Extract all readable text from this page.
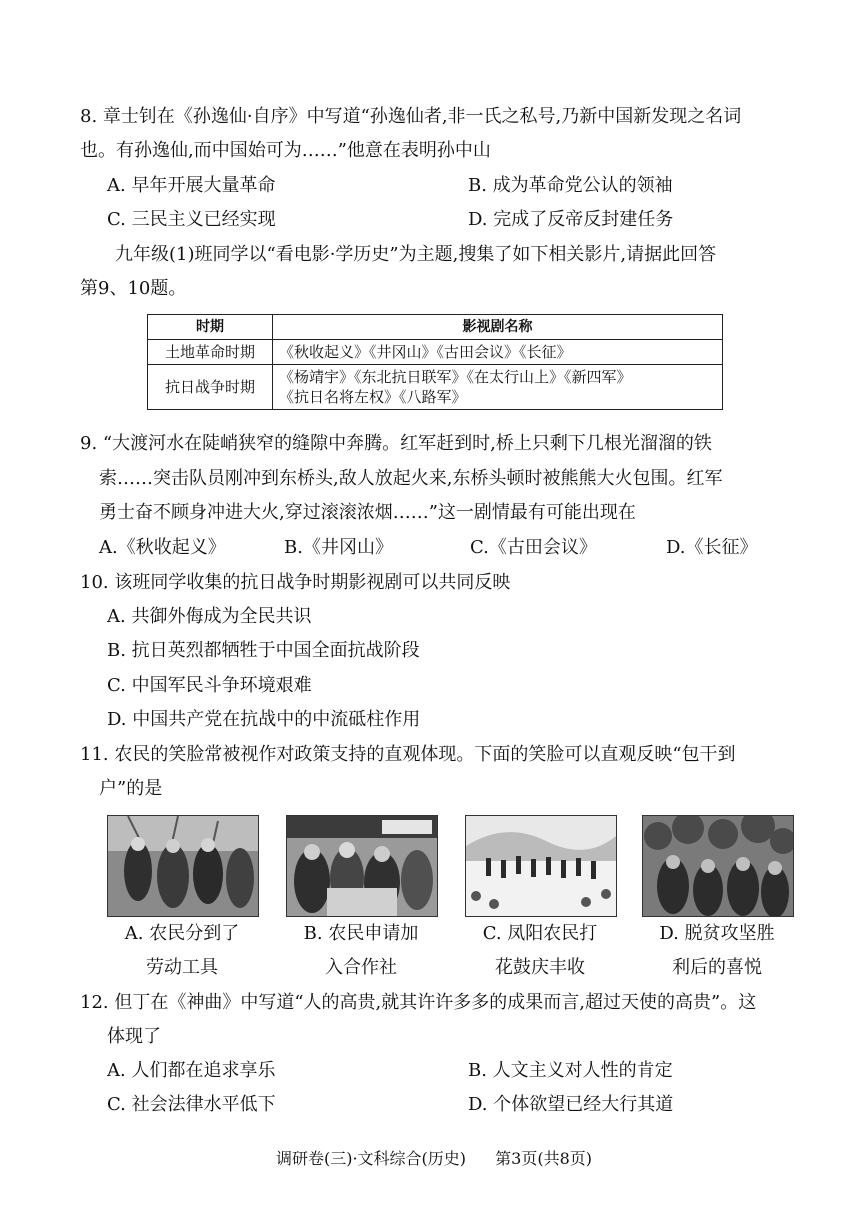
8. 章士钊在《孙逸仙·自序》中写道“孙逸仙者,非一氏之私号,乃新中国新发现之名词
也。有孙逸仙,而中国始可为……”他意在表明孙中山
A. 早年开展大量革命	B. 成为革命党公认的领袖
C. 三民主义已经实现	D. 完成了反帝反封建任务
九年级(1)班同学以“看电影·学历史”为主题,搜集了如下相关影片,请据此回答
第9、10题。
时期	影视剧名称
土地革命时期	《秋收起义》《井冈山》《古田会议》《长征》

抗日战争时期	《杨靖宇》《东北抗日联军》《在太行山上》《新四军》
《抗日名将左权》《八路军》
9. “大渡河水在陡峭狭窄的缝隙中奔腾。红军赶到时,桥上只剩下几根光溜溜的铁
索……突击队员刚冲到东桥头,敌人放起火来,东桥头顿时被熊熊大火包围。红军
勇士奋不顾身冲进大火,穿过滚滚浓烟……”这一剧情最有可能出现在
A.《秋收起义》	B.《井冈山》	C.《古田会议》	D.《长征》
10. 该班同学收集的抗日战争时期影视剧可以共同反映
A. 共御外侮成为全民共识
B. 抗日英烈都牺牲于中国全面抗战阶段
C. 中国军民斗争环境艰难
D. 中国共产党在抗战中的中流砥柱作用
11. 农民的笑脸常被视作对政策支持的直观体现。下面的笑脸可以直观反映“包干到
户”的是
A. 农民分到了
劳动工具
B. 农民申请加
入合作社
C. 凤阳农民打
花鼓庆丰收
D. 脱贫攻坚胜
利后的喜悦
12. 但丁在《神曲》中写道“人的高贵,就其许许多多的成果而言,超过天使的高贵”。这
体现了
A. 人们都在追求享乐	B. 人文主义对人性的肯定
C. 社会法律水平低下	D. 个体欲望已经大行其道
调研卷(三)·文科综合(历史) 第3页(共8页)
